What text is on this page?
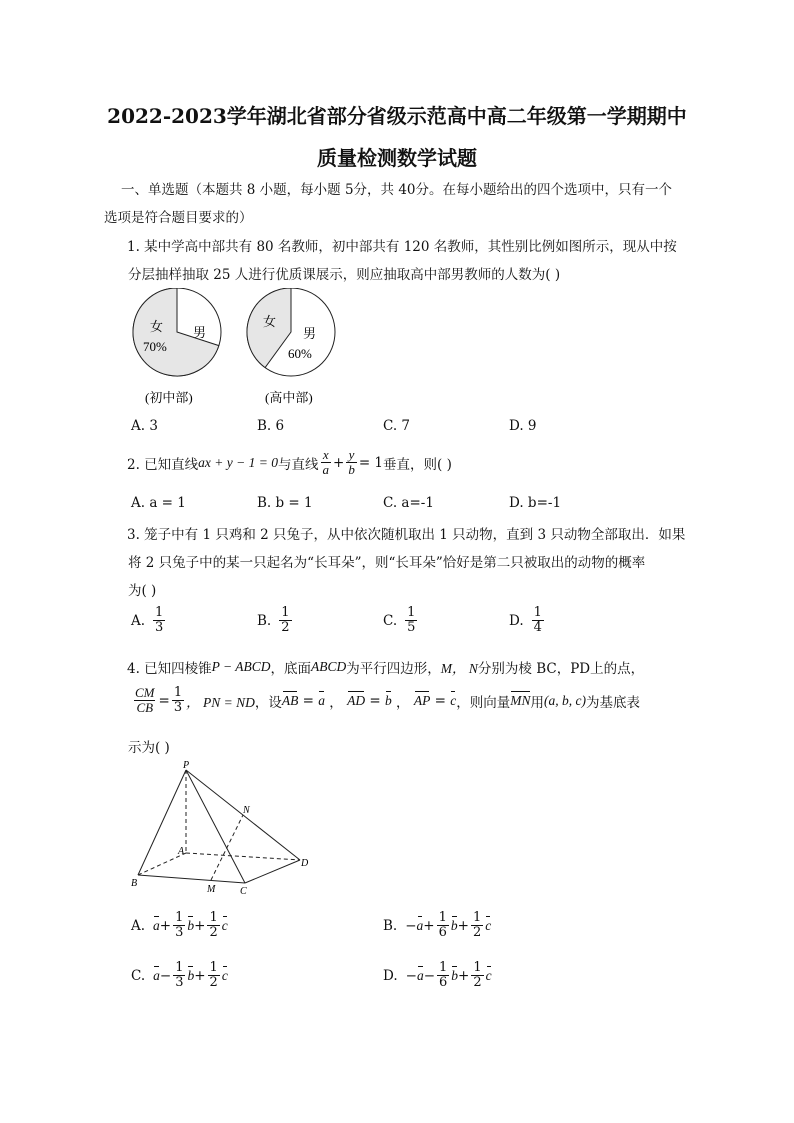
2022-2023学年湖北省部分省级示范高中高二年级第一学期期中
质量检测数学试题
一、单选题（本题共 8 小题，每小题 5分，共 40分。在每小题给出的四个选项中，只有一个
选项是符合题目要求的）
1. 某中学高中部共有 80 名教师，初中部共有 120 名教师，其性别比例如图所示，现从中按
分层抽样抽取 25 人进行优质课展示，则应抽取高中部男教师的人数为( )
女
70%
男
(初中部)
女
男
60%
(高中部)
A. 3	B. 6	C. 7	D. 9
2. 已知直线 ax + y − 1 = 0 与直线 $\frac{x}{a} + \frac{y}{b} = 1$ 垂直，则( )
A. a = 1	B. b = 1	C. a=-1	D. b=-1
3. 笼子中有 1 只鸡和 2 只兔子，从中依次随机取出 1 只动物，直到 3 只动物全部取出．如果
将 2 只兔子中的某一只起名为“长耳朵”，则“长耳朵”恰好是第二只被取出的动物的概率
为( )
A. $\frac{1}{3}$	B. $\frac{1}{2}$	C. $\frac{1}{5}$	D. $\frac{1}{4}$
4. 已知四棱锥 P − ABCD ，底面 ABCD 为平行四边形， M， N 分别为棱 BC，PD上的点，
$\frac{CM}{CB} = \frac{1}{3}$ ， PN = ND ，设 AB = a ， AD = b ， AP = c ，则向量 MN 用 (a, b, c) 为基底表
示为( )
P
A
B
C
D
M
N
A. $a + \frac{1}{3}$ $b + \frac{1}{2}$ c	B. − $a + \frac{1}{6}$ $b + \frac{1}{2}$ c
C. $a - \frac{1}{3}$ $b + \frac{1}{2}$ c	D. − $a - \frac{1}{6}$ $b + \frac{1}{2}$ c
